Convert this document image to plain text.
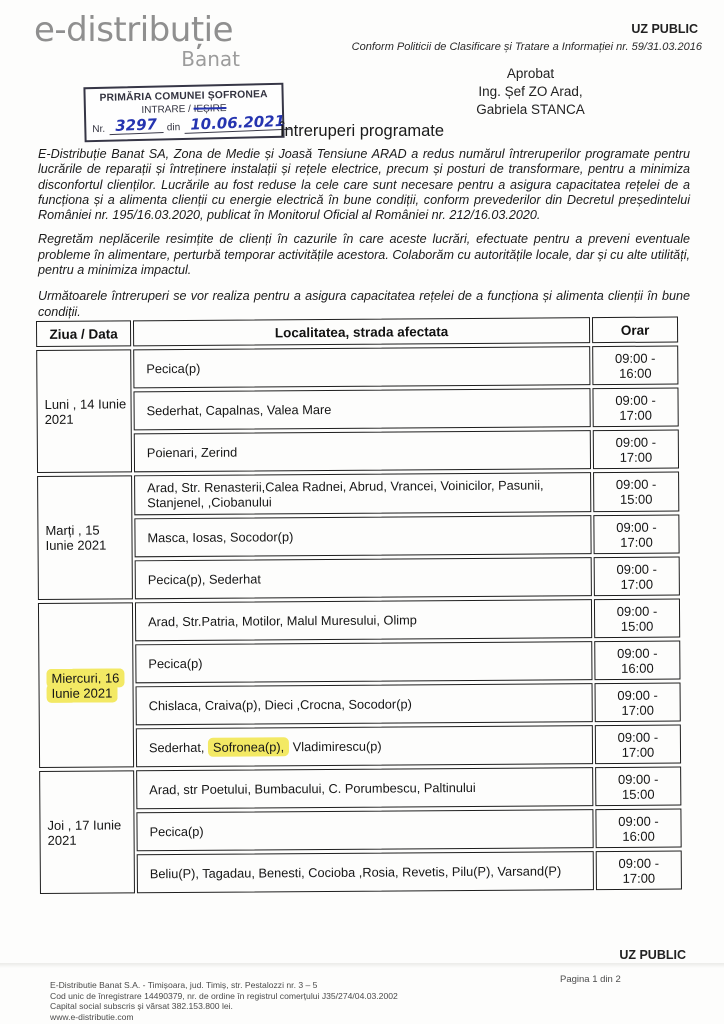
e-distribuție
Banat
UZ PUBLIC
Conform Politicii de Clasificare și Tratare a Informației nr. 59/31.03.2016
Aprobat
Ing. Șef ZO Arad,
Gabriela STANCA
PRIMĂRIA COMUNEI ȘOFRONEA
INTRARE / IEȘIRE
Nr. 3297 din 10.06.2021
Întreruperi programate

E-Distribuție Banat SA, Zona de Medie și Joasă Tensiune ARAD a redus numărul întreruperilor programate pentru lucrările de reparații și întreținere instalații și rețele electrice, precum și posturi de transformare, pentru a minimiza disconfortul clienților. Lucrările au fost reduse la cele care sunt necesare pentru a asigura capacitatea rețelei de a funcționa și a alimenta clienții cu energie electrică în bune condiții, conform prevederilor din Decretul președintelui României nr. 195/16.03.2020, publicat în Monitorul Oficial al României nr. 212/16.03.2020.

Regretăm neplăcerile resimțite de clienți în cazurile în care aceste lucrări, efectuate pentru a preveni eventuale probleme în alimentare, perturbă temporar activitățile acestora. Colaborăm cu autoritățile locale, dar și cu alte utilități, pentru a minimiza impactul.

Următoarele întreruperi se vor realiza pentru a asigura capacitatea rețelei de a funcționa și alimenta clienții în bune condiții.

Ziua / Data	Localitatea, strada afectata	Orar
Luni , 14 Iunie 2021	Pecica(p)	09:00 - 16:00
	Sederhat, Capalnas, Valea Mare	09:00 - 17:00
	Poienari, Zerind	09:00 - 17:00
Marți , 15 Iunie 2021	Arad, Str. Renasterii,Calea Radnei, Abrud, Vrancei, Voinicilor, Pasunii, Stanjenel, ,Ciobanului	09:00 - 15:00
	Masca, Iosas, Socodor(p)	09:00 - 17:00
	Pecica(p), Sederhat	09:00 - 17:00
Miercuri, 16 Iunie 2021	Arad, Str.Patria, Motilor, Malul Muresului, Olimp	09:00 - 15:00
	Pecica(p)	09:00 - 16:00
	Chislaca, Craiva(p), Dieci ,Crocna, Socodor(p)	09:00 - 17:00
	Sederhat, Sofronea(p), Vladimirescu(p)	09:00 - 17:00
Joi , 17 Iunie 2021	Arad, str Poetului, Bumbacului, C. Porumbescu, Paltinului	09:00 - 15:00
	Pecica(p)	09:00 - 16:00
	Beliu(P), Tagadau, Benesti, Cocioba ,Rosia, Revetis, Pilu(P), Varsand(P)	09:00 - 17:00
UZ PUBLIC
Pagina 1 din 2
E-Distributie Banat S.A. - Timișoara, jud. Timiș, str. Pestalozzi nr. 3 – 5
Cod unic de înregistrare 14490379, nr. de ordine în registrul comerțului J35/274/04.03.2002
Capital social subscris și vărsat 382.153.800 lei.
www.e-distributie.com
